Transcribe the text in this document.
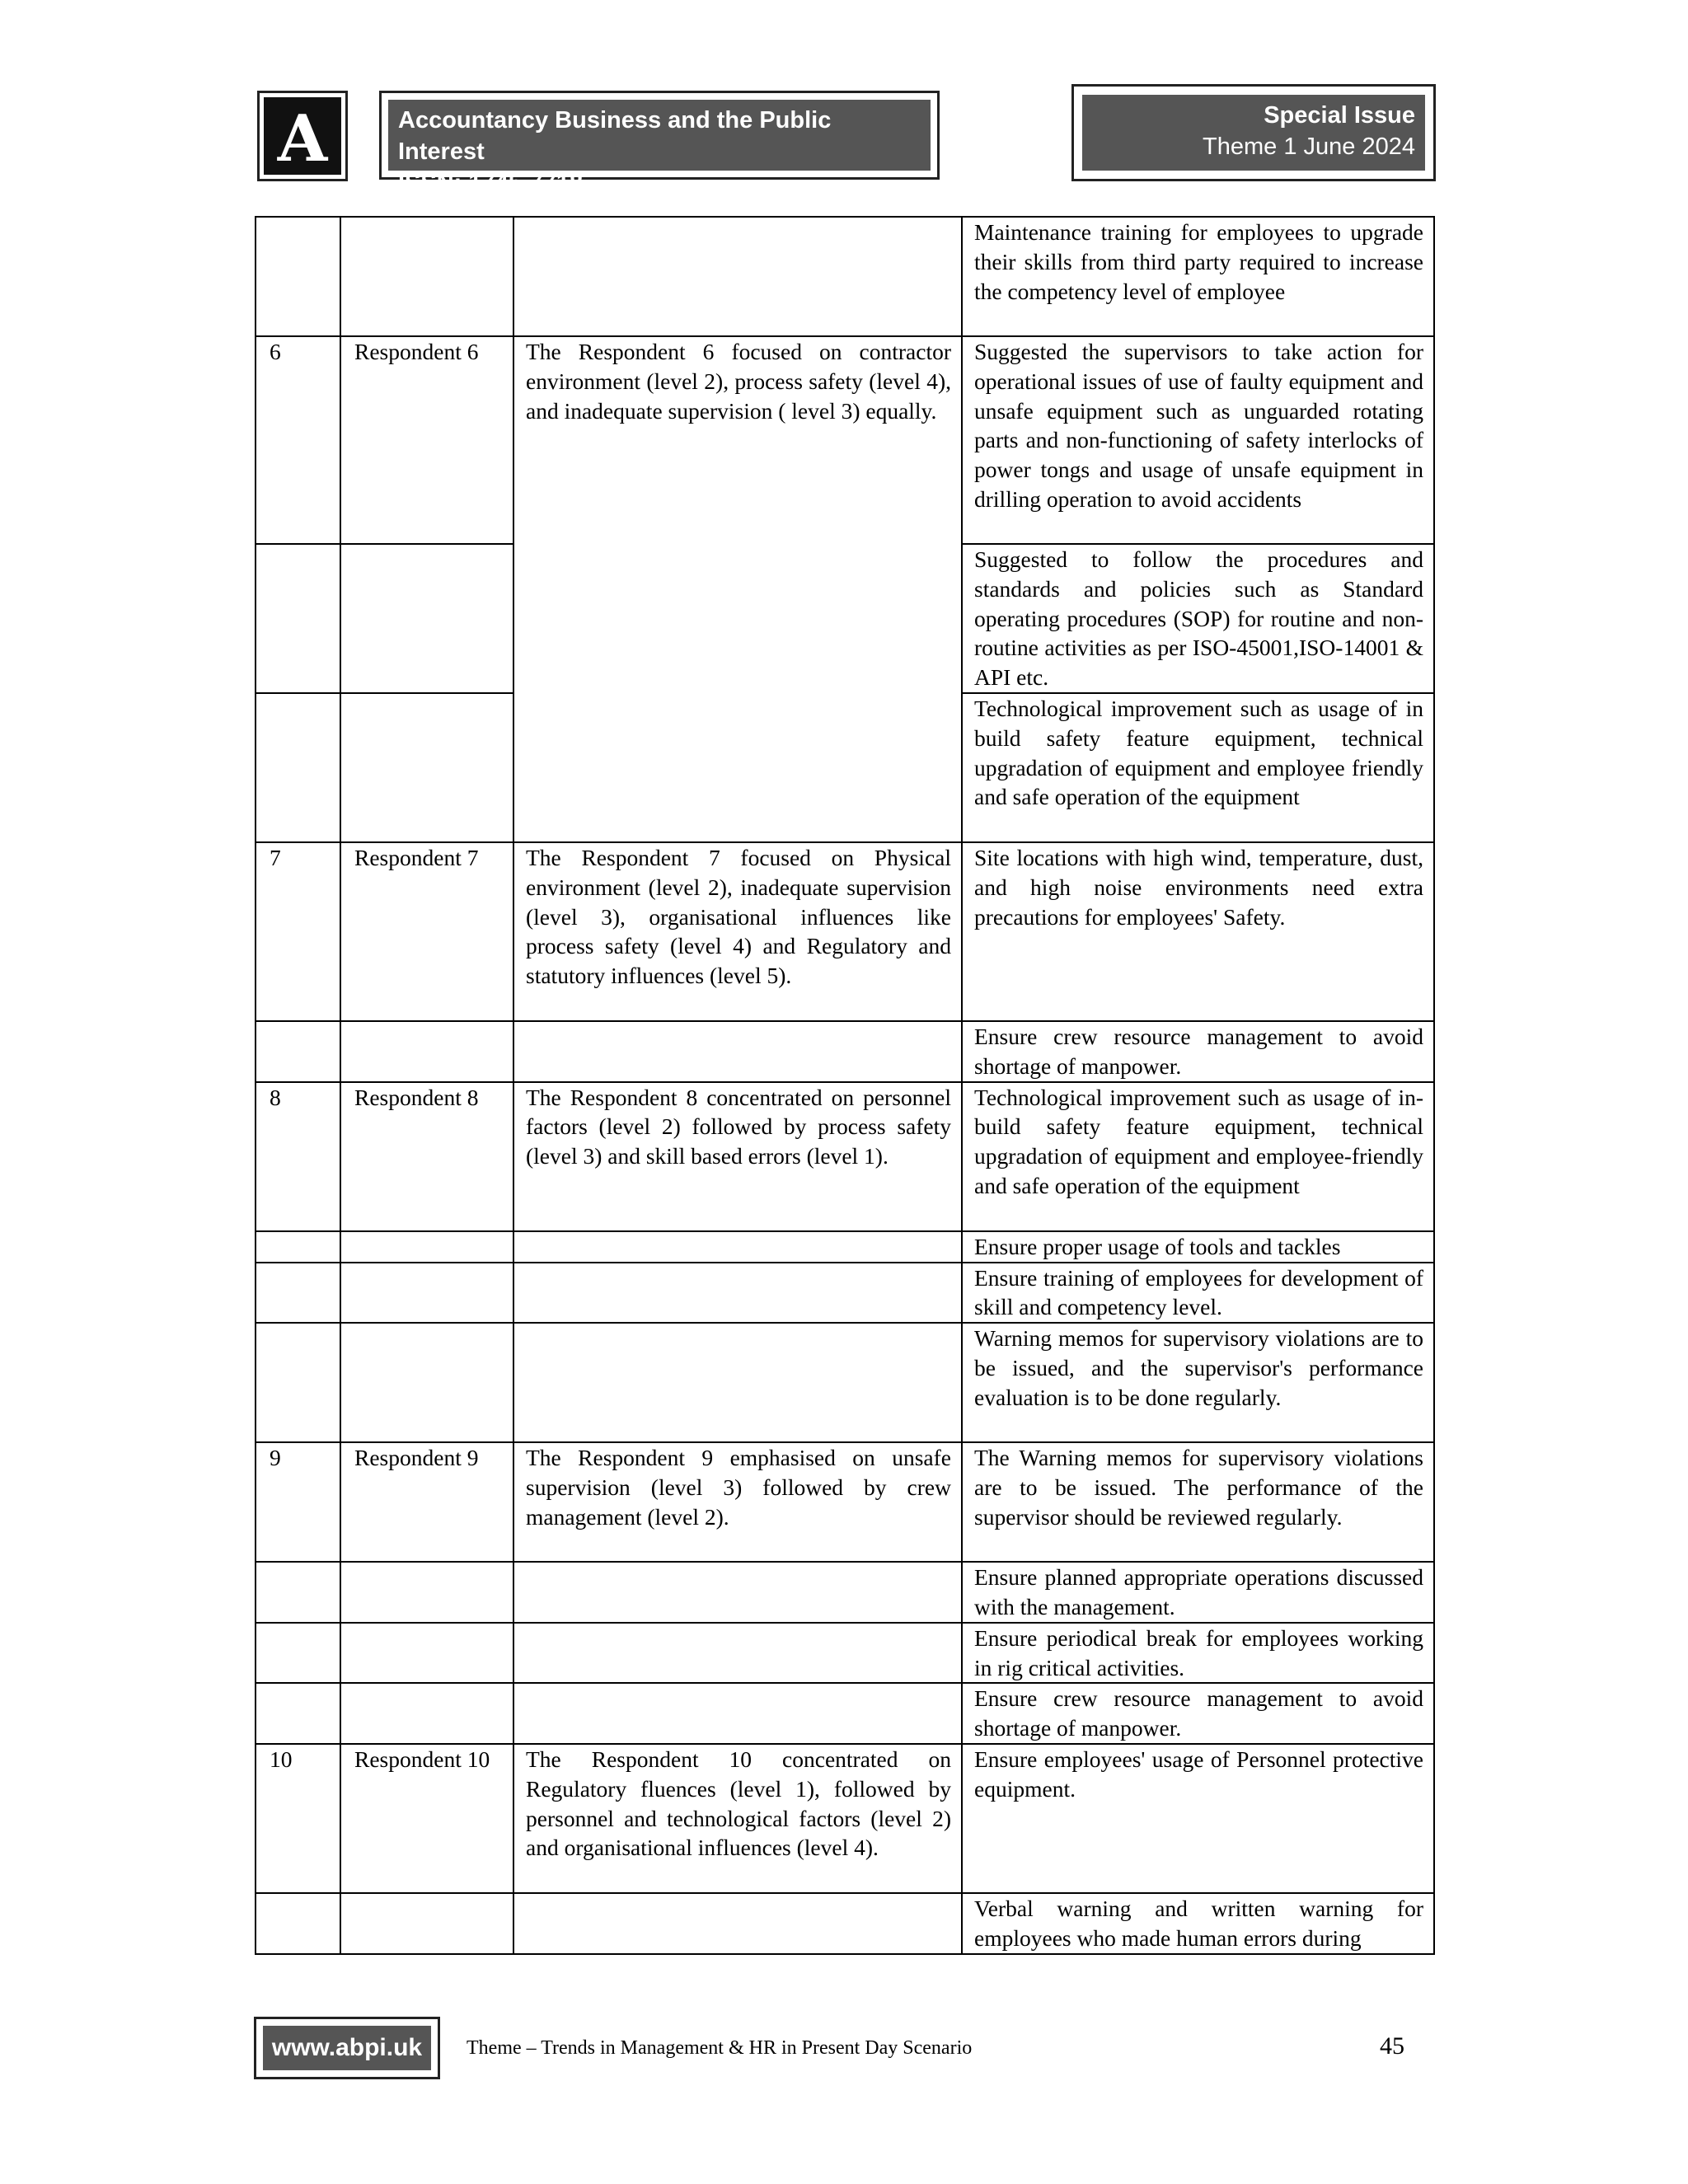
A	Accountancy Business and the Public Interest
ISSN: 1745-7718
Special Issue
Theme 1 June 2024
			Maintenance training for employees to upgrade their skills from third party required to increase the competency level of employee
6	Respondent 6	The Respondent 6 focused on contractor environment (level 2), process safety (level 4), and inadequate supervision ( level 3) equally.	Suggested the supervisors to take action for operational issues of use of faulty equipment and unsafe equipment such as unguarded rotating parts and non-functioning of safety interlocks of power tongs and usage of unsafe equipment in drilling operation to avoid accidents
			Suggested to follow the procedures and standards and policies such as Standard operating procedures (SOP) for routine and non-routine activities as per ISO-45001,ISO-14001 & API etc.
			Technological improvement such as usage of in build safety feature equipment, technical upgradation of equipment and employee friendly and safe operation of the equipment
7	Respondent 7	The Respondent 7 focused on Physical environment (level 2), inadequate supervision (level 3), organisational influences like process safety (level 4) and Regulatory and statutory influences (level 5).	Site locations with high wind, temperature, dust, and high noise environments need extra precautions for employees' Safety.
			Ensure crew resource management to avoid shortage of manpower.
8	Respondent 8	The Respondent 8 concentrated on personnel factors (level 2) followed by process safety (level 3) and skill based errors (level 1).	Technological improvement such as usage of in-build safety feature equipment, technical upgradation of equipment and employee-friendly and safe operation of the equipment
			Ensure proper usage of tools and tackles
			Ensure training of employees for development of skill and competency level.
			Warning memos for supervisory violations are to be issued, and the supervisor's performance evaluation is to be done regularly.
9	Respondent 9	The Respondent 9 emphasised on unsafe supervision (level 3) followed by crew management (level 2).	The Warning memos for supervisory violations are to be issued. The performance of the supervisor should be reviewed regularly.
			Ensure planned appropriate operations discussed with the management.
			Ensure periodical break for employees working in rig critical activities.
			Ensure crew resource management to avoid shortage of manpower.
10	Respondent 10	The Respondent 10 concentrated on Regulatory fluences (level 1), followed by personnel and technological factors (level 2) and organisational influences (level 4).	Ensure employees' usage of Personnel protective equipment.
			Verbal warning and written warning for employees who made human errors during
www.abpi.uk	Theme – Trends in Management & HR in Present Day Scenario	45
